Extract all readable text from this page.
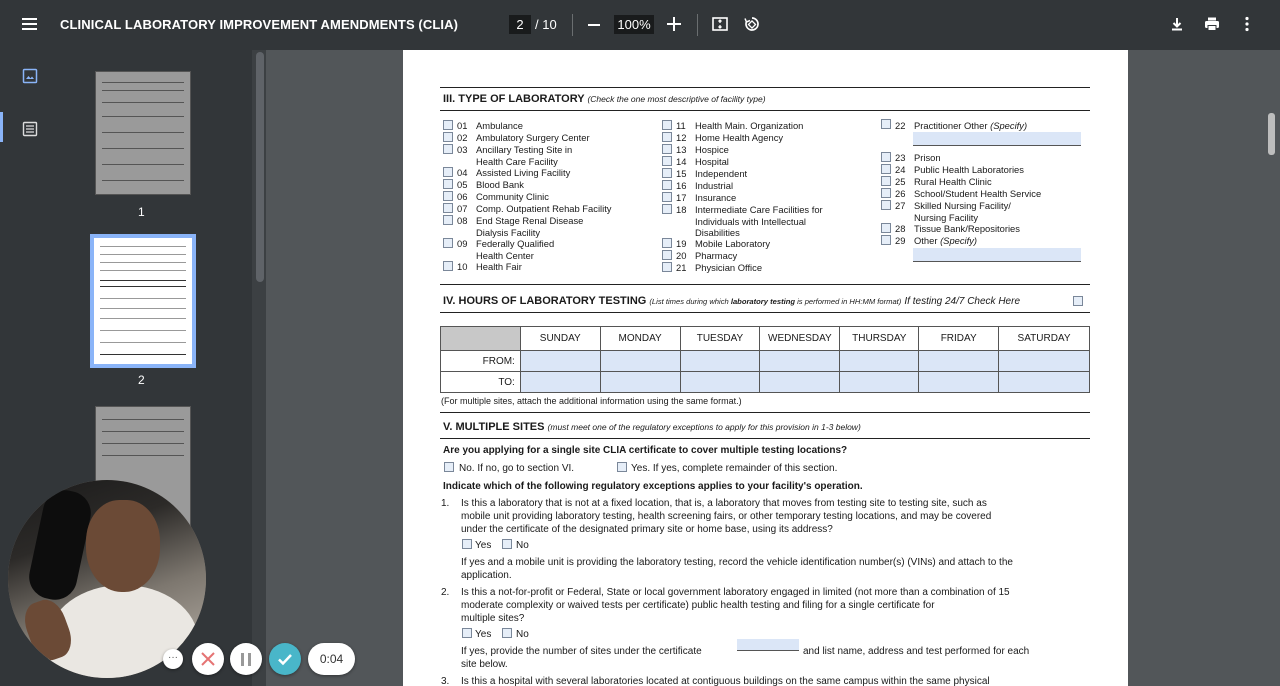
CLINICAL LABORATORY IMPROVEMENT AMENDMENTS (CLIA)	2 / 10	100%
1
2
III. TYPE OF LABORATORY (Check the one most descriptive of facility type)
01 Ambulance
02 Ambulatory Surgery Center
03 Ancillary Testing Site in
Health Care Facility
04 Assisted Living Facility
05 Blood Bank
06 Community Clinic
07 Comp. Outpatient Rehab Facility
08 End Stage Renal Disease
Dialysis Facility
09 Federally Qualified
Health Center
10 Health Fair
11 Health Main. Organization
12 Home Health Agency
13 Hospice
14 Hospital
15 Independent
16 Industrial
17 Insurance
18 Intermediate Care Facilities for
Individuals with Intellectual
Disabilities
19 Mobile Laboratory
20 Pharmacy
21 Physician Office
22 Practitioner Other (Specify)
23 Prison
24 Public Health Laboratories
25 Rural Health Clinic
26 School/Student Health Service
27 Skilled Nursing Facility/
Nursing Facility
28 Tissue Bank/Repositories
29 Other (Specify)
IV. HOURS OF LABORATORY TESTING (List times during which laboratory testing is performed in HH:MM format) If testing 24/7 Check Here
	SUNDAY	MONDAY	TUESDAY	WEDNESDAY	THURSDAY	FRIDAY	SATURDAY
FROM:							
TO:							
(For multiple sites, attach the additional information using the same format.)
V. MULTIPLE SITES (must meet one of the regulatory exceptions to apply for this provision in 1-3 below)
Are you applying for a single site CLIA certificate to cover multiple testing locations?
No. If no, go to section VI.	Yes. If yes, complete remainder of this section.
Indicate which of the following regulatory exceptions applies to your facility's operation.
1. Is this a laboratory that is not at a fixed location, that is, a laboratory that moves from testing site to testing site, such as
mobile unit providing laboratory testing, health screening fairs, or other temporary testing locations, and may be covered
under the certificate of the designated primary site or home base, using its address?
Yes No
If yes and a mobile unit is providing the laboratory testing, record the vehicle identification number(s) (VINs) and attach to the
application.
2. Is this a not-for-profit or Federal, State or local government laboratory engaged in limited (not more than a combination of 15
moderate complexity or waived tests per certificate) public health testing and filing for a single certificate for
multiple sites?
Yes No
If yes, provide the number of sites under the certificate	and list name, address and test performed for each
site below.
3. Is this a hospital with several laboratories located at contiguous buildings on the same campus within the same physical
···	0:04
